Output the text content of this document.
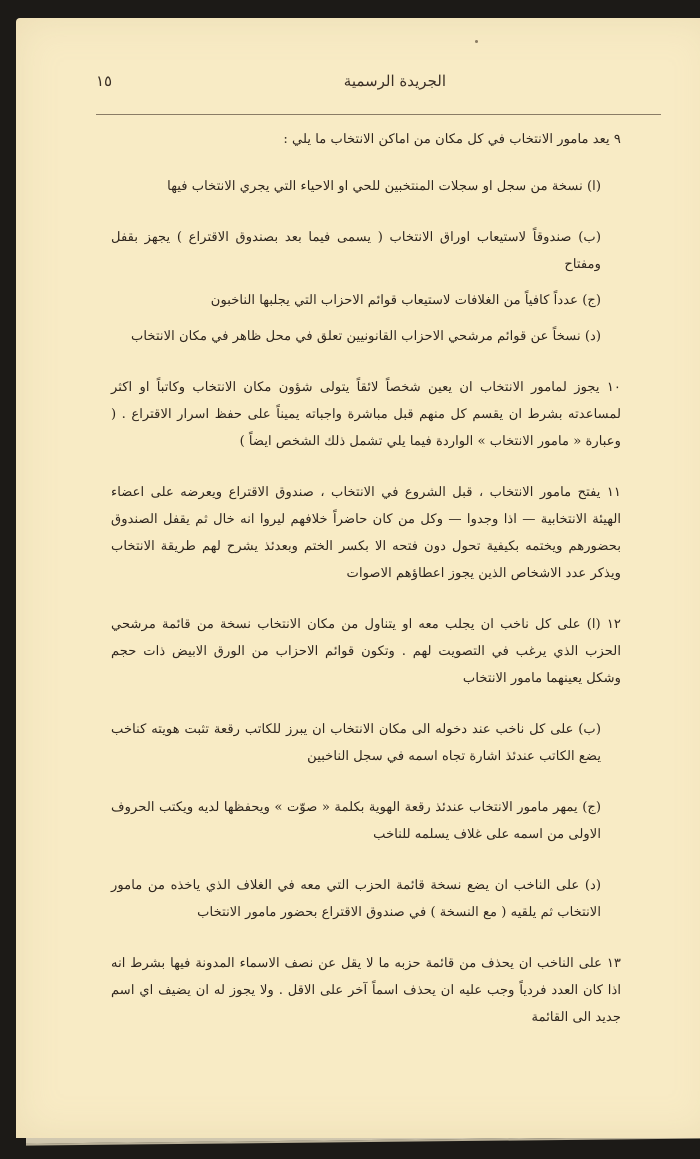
الجريدة الرسمية
١٥

٩ يعد مامور الانتخاب في كل مكان من اماكن الانتخاب ما يلي :

(ا) نسخة من سجل او سجلات المنتخبين للحي او الاحياء التي يجري الانتخاب فيها

(ب) صندوقاً لاستيعاب اوراق الانتخاب ( يسمى فيما بعد بصندوق الاقتراع ) يجهز بقفل ومفتاح

(ج) عدداً كافياً من الغلافات لاستيعاب قوائم الاحزاب التي يجلبها الناخبون

(د) نسخاً عن قوائم مرشحي الاحزاب القانونيين تعلق في محل ظاهر في مكان الانتخاب

١٠ يجوز لمامور الانتخاب ان يعين شخصاً لائقاً يتولى شؤون مكان الانتخاب وكاتباً او اكثر لمساعدته بشرط ان يقسم كل منهم قبل مباشرة واجباته يميناً على حفظ اسرار الاقتراع . ( وعبارة « مامور الانتخاب » الواردة فيما يلي تشمل ذلك الشخص ايضاً )

١١ يفتح مامور الانتخاب ، قبل الشروع في الانتخاب ، صندوق الاقتراع ويعرضه على اعضاء الهيئة الانتخابية — اذا وجدوا — وكل من كان حاضراً خلافهم ليروا انه خال ثم يقفل الصندوق بحضورهم ويختمه بكيفية تحول دون فتحه الا بكسر الختم وبعدئذ يشرح لهم طريقة الانتخاب ويذكر عدد الاشخاص الذين يجوز اعطاؤهم الاصوات

١٢ (ا) على كل ناخب ان يجلب معه او يتناول من مكان الانتخاب نسخة من قائمة مرشحي الحزب الذي يرغب في التصويت لهم . وتكون قوائم الاحزاب من الورق الابيض ذات حجم وشكل يعينهما مامور الانتخاب

(ب) على كل ناخب عند دخوله الى مكان الانتخاب ان يبرز للكاتب رقعة تثبت هويته كناخب يضع الكاتب عندئذ اشارة تجاه اسمه في سجل الناخبين

(ج) يمهر مامور الانتخاب عندئذ رقعة الهوية بكلمة « صوّت » ويحفظها لديه ويكتب الحروف الاولى من اسمه على غلاف يسلمه للناخب

(د) على الناخب ان يضع نسخة قائمة الحزب التي معه في الغلاف الذي ياخذه من مامور الانتخاب ثم يلقيه ( مع النسخة ) في صندوق الاقتراع بحضور مامور الانتخاب

١٣ على الناخب ان يحذف من قائمة حزبه ما لا يقل عن نصف الاسماء المدونة فيها بشرط انه اذا كان العدد فردياً وجب عليه ان يحذف اسماً آخر على الاقل . ولا يجوز له ان يضيف اي اسم جديد الى القائمة
